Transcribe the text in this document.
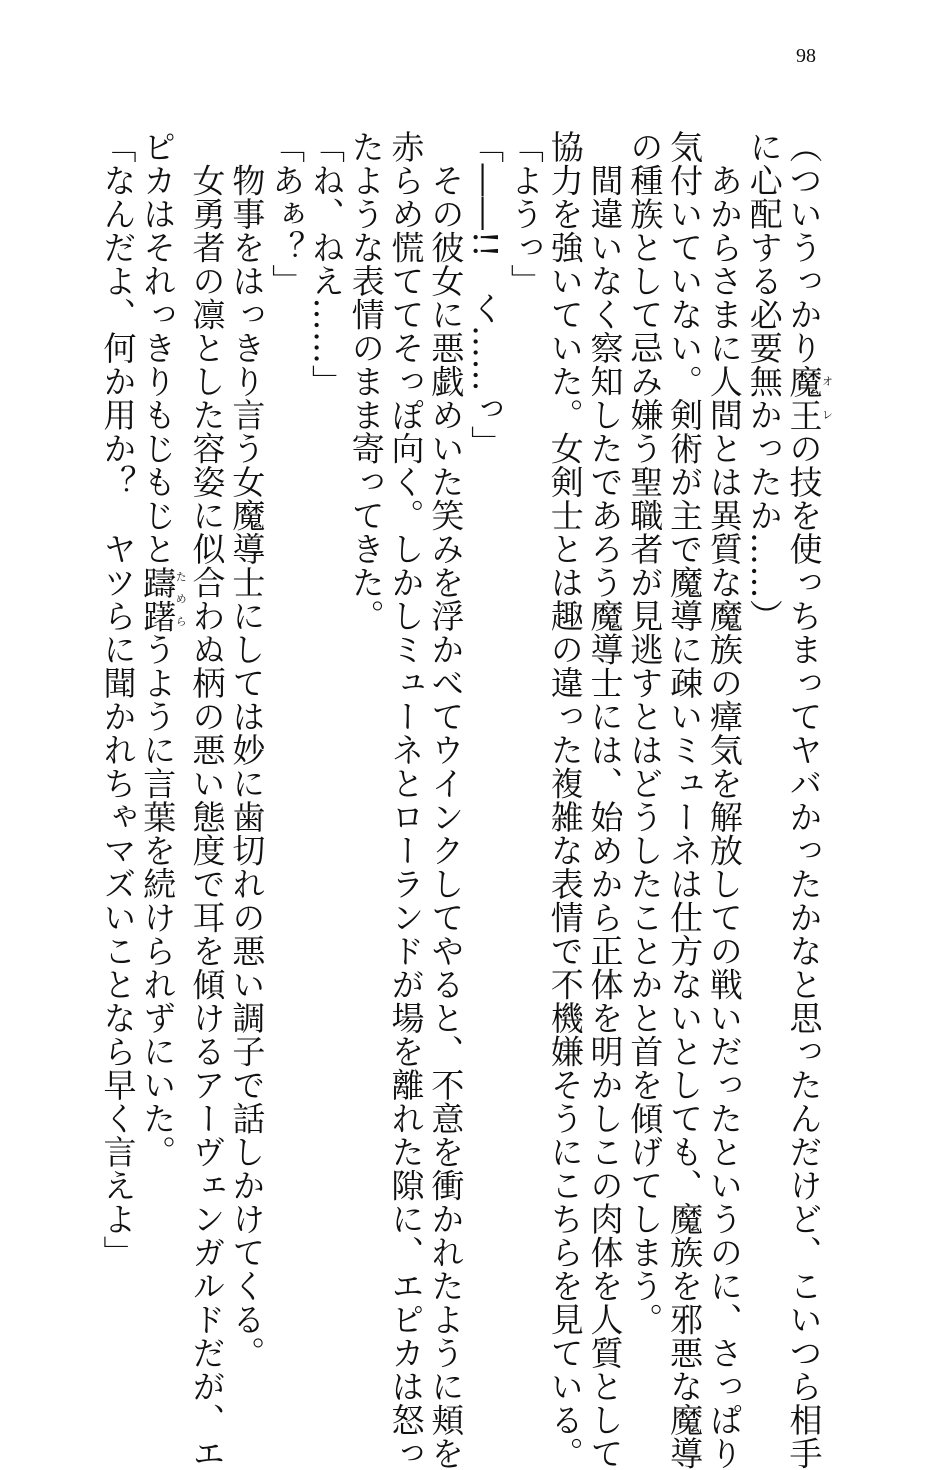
98

（ついうっかり魔王オレの技を使っちまってヤバかったかなと思ったんだけど、こいつら相手

に心配する必要無かったか……）

　あからさまに人間とは異質な魔族の瘴気を解放しての戦いだったというのに、さっぱり

気付いていない。剣術が主で魔導に疎いミューネは仕方ないとしても、魔族を邪悪な魔導

の種族として忌み嫌う聖職者が見逃すとはどうしたことかと首を傾げてしまう。

　間違いなく察知したであろう魔導士には、始めから正体を明かしこの肉体を人質として

協力を強いていた。女剣士とは趣の違った複雑な表情で不機嫌そうにこちらを見ている。

「ようっ」

「――!!　く……っ」

　その彼女に悪戯めいた笑みを浮かべてウインクしてやると、不意を衝かれたように頬を

赤らめ慌ててそっぽ向く。しかしミューネとローランドが場を離れた隙に、エピカは怒っ

たような表情のまま寄ってきた。

「ね、ねえ……」

「あぁ？」

　物事をはっきり言う女魔導士にしては妙に歯切れの悪い調子で話しかけてくる。

　女勇者の凛とした容姿に似合わぬ柄の悪い態度で耳を傾けるアーヴェンガルドだが、エ

ピカはそれっきりもじもじと躊躇ためらうように言葉を続けられずにいた。

「なんだよ、何か用か？　ヤツらに聞かれちゃマズいことなら早く言えよ」
